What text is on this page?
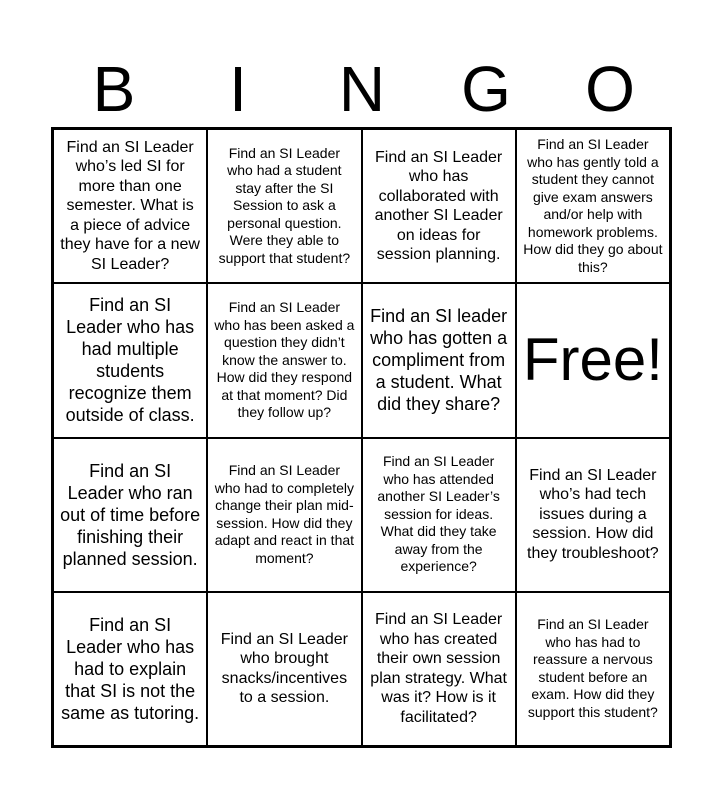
B	I	N	G	O
Find an SI Leader who’s led SI for more than one semester. What is a piece of advice they have for a new SI Leader?
Find an SI Leader who had a student stay after the SI Session to ask a personal question. Were they able to support that student?
Find an SI Leader who has collaborated with another SI Leader on ideas for session planning.
Find an SI Leader who has gently told a student they cannot give exam answers and/or help with homework problems. How did they go about this?
Find an SI Leader who has had multiple students recognize them outside of class.
Find an SI Leader who has been asked a question they didn’t know the answer to. How did they respond at that moment? Did they follow up?
Find an SI leader who has gotten a compliment from a student. What did they share?
Free!
Find an SI Leader who ran out of time before finishing their planned session.
Find an SI Leader who had to completely change their plan mid-session. How did they adapt and react in that moment?
Find an SI Leader who has attended another SI Leader’s session for ideas. What did they take away from the experience?
Find an SI Leader who’s had tech issues during a session. How did they troubleshoot?
Find an SI Leader who has had to explain that SI is not the same as tutoring.
Find an SI Leader who brought snacks/incentives to a session.
Find an SI Leader who has created their own session plan strategy. What was it? How is it facilitated?
Find an SI Leader who has had to reassure a nervous student before an exam. How did they support this student?
